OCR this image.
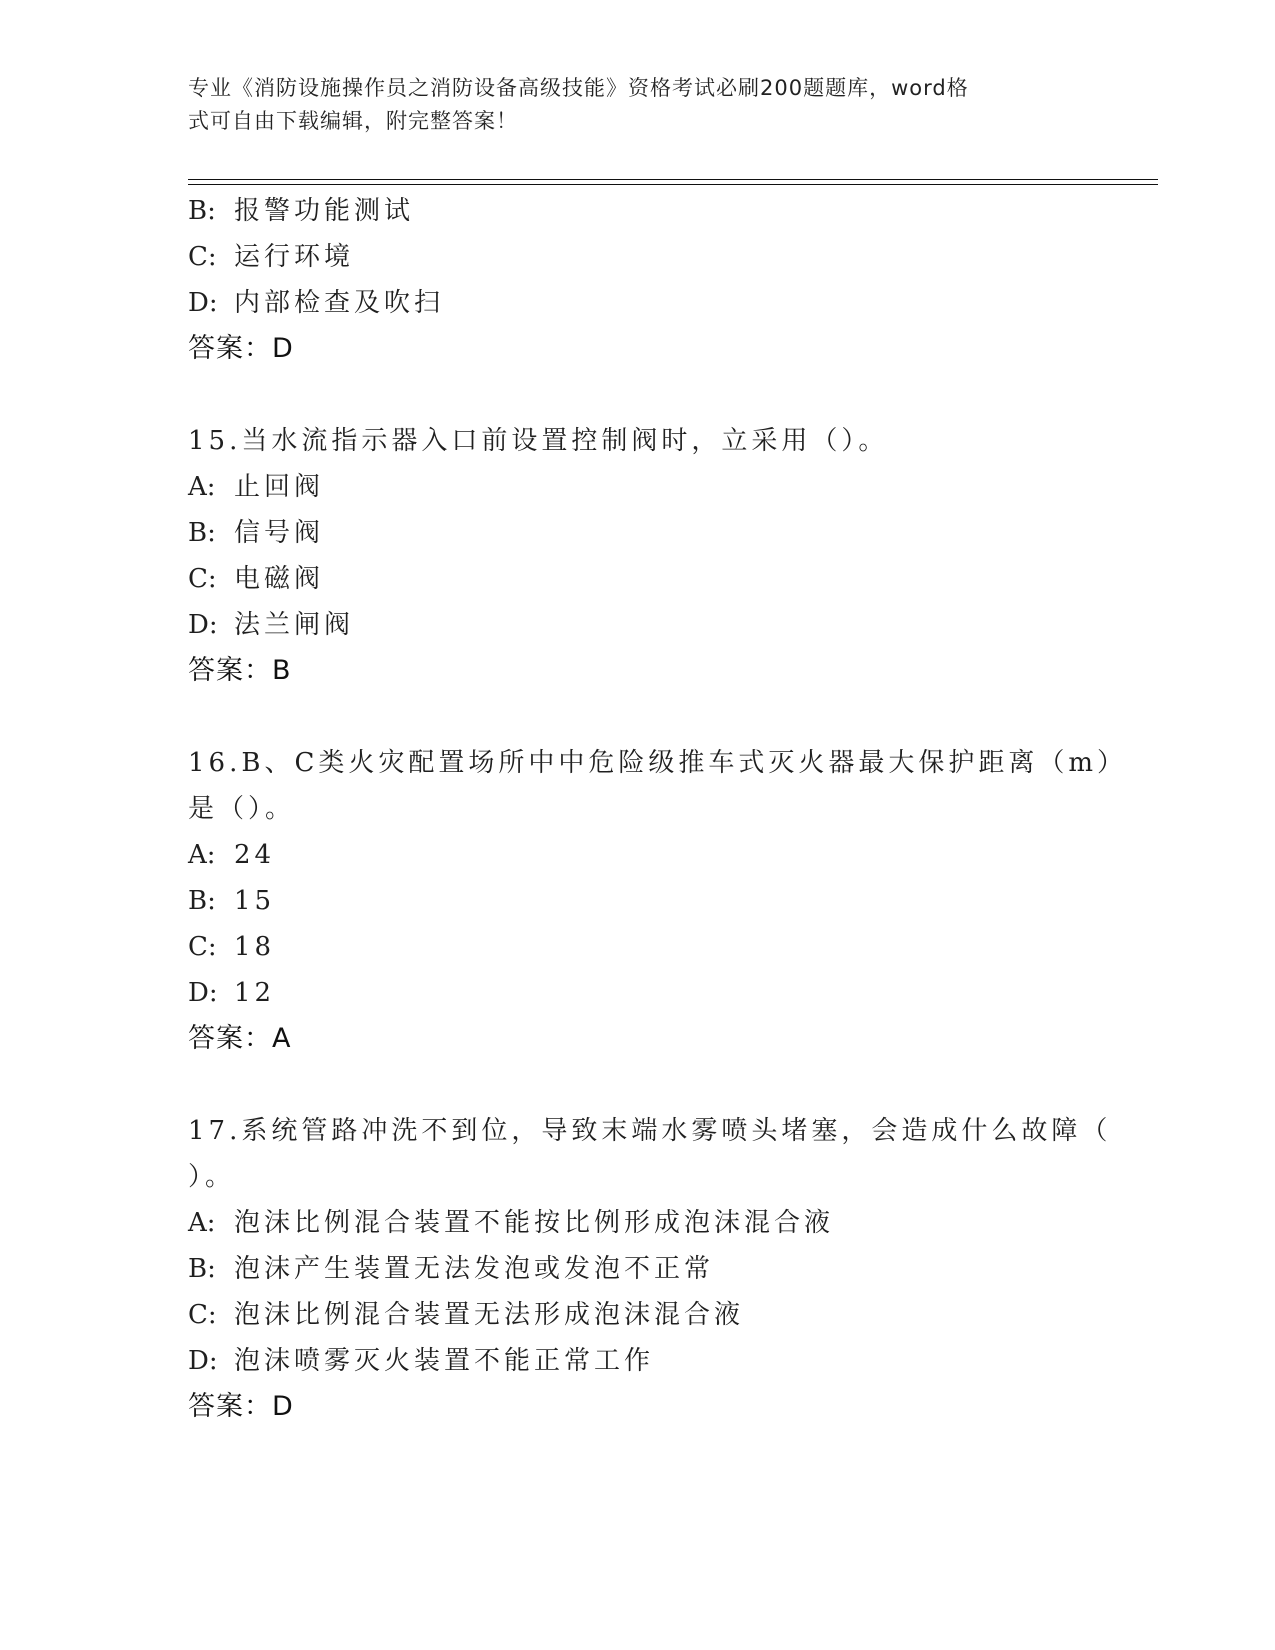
专业《消防设施操作员之消防设备高级技能》资格考试必刷200题题库，word格
式可自由下载编辑，附完整答案！
B: 报警功能测试
C: 运行环境
D: 内部检查及吹扫
答案：D
15.当水流指示器入口前设置控制阀时，立采用（）。
A: 止回阀
B: 信号阀
C: 电磁阀
D: 法兰闸阀
答案：B
16.B、C类火灾配置场所中中危险级推车式灭火器最大保护距离（m）
是（）。
A: 24
B: 15
C: 18
D: 12
答案：A
17.系统管路冲洗不到位，导致末端水雾喷头堵塞，会造成什么故障（
）。
A: 泡沫比例混合装置不能按比例形成泡沫混合液
B: 泡沫产生装置无法发泡或发泡不正常
C: 泡沫比例混合装置无法形成泡沫混合液
D: 泡沫喷雾灭火装置不能正常工作
答案：D
